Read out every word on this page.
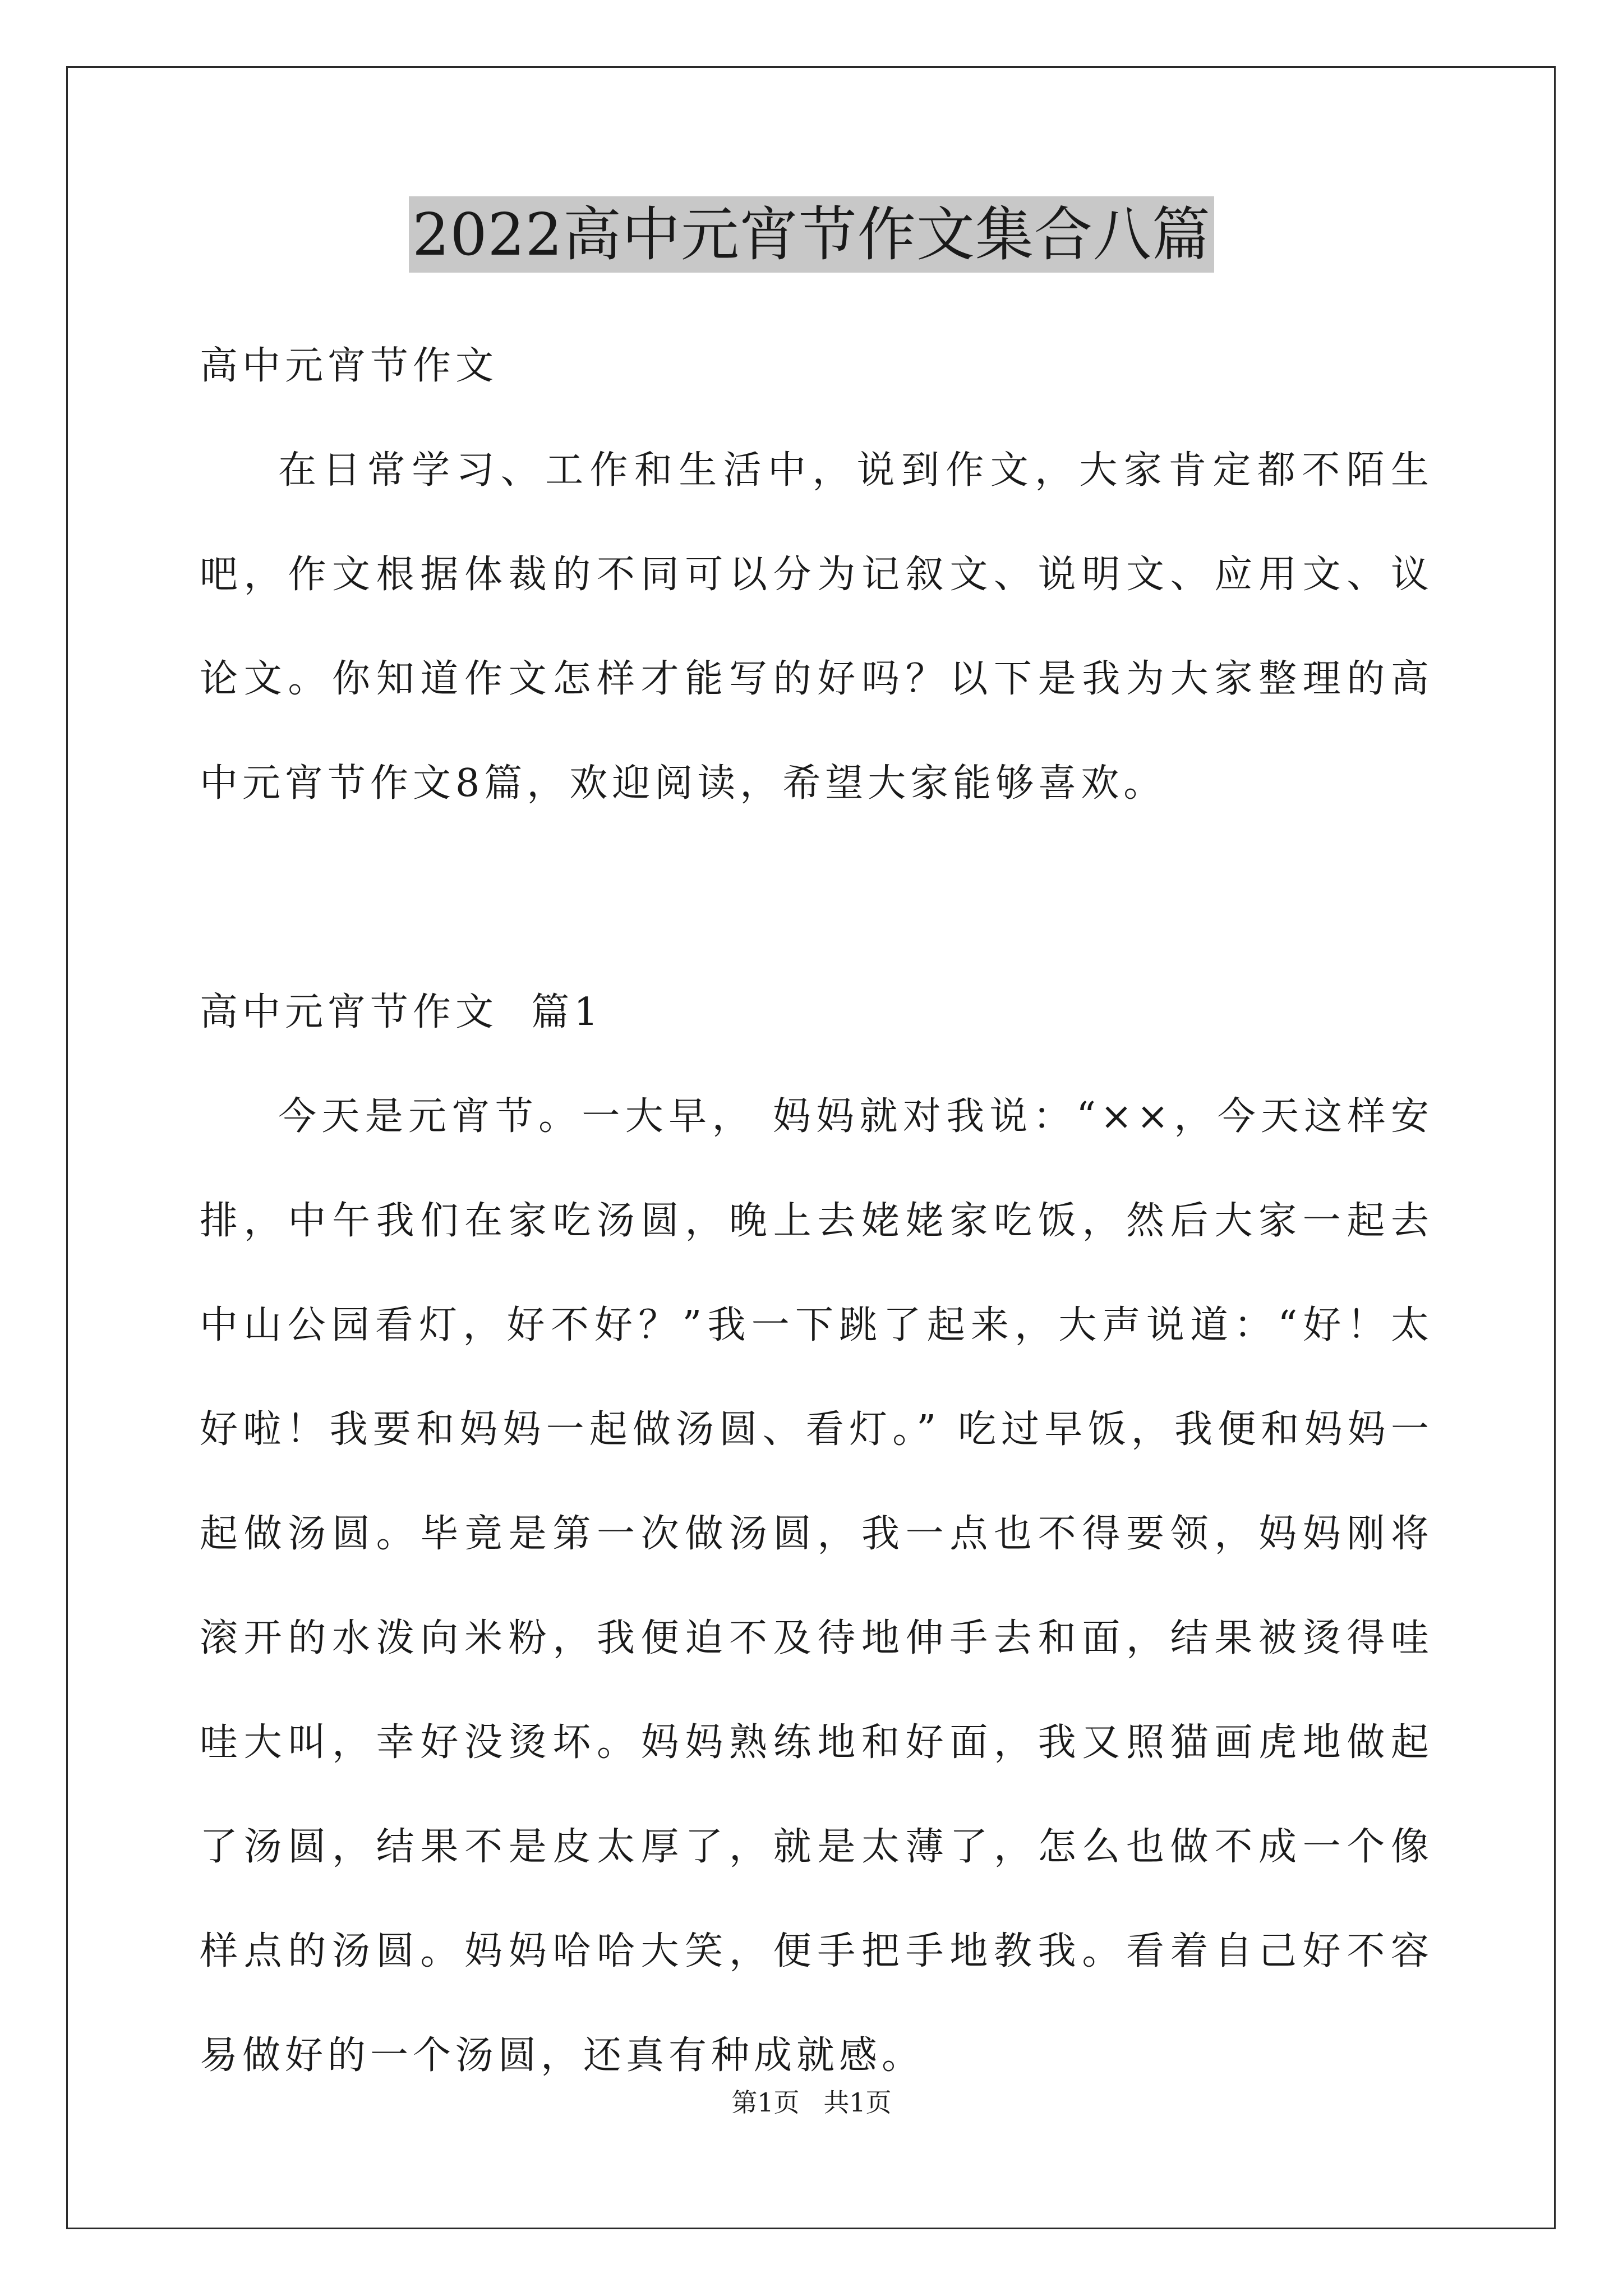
2022高中元宵节作文集合八篇
高中元宵节作文
在日常学习、工作和生活中，说到作文，大家肯定都不陌生吧，作文根据体裁的不同可以分为记叙文、说明文、应用文、议论文。你知道作文怎样才能写的好吗？以下是我为大家整理的高中元宵节作文8篇，欢迎阅读，希望大家能够喜欢。
高中元宵节作文  篇1
今天是元宵节。一大早， 妈妈就对我说：“××，今天这样安排，中午我们在家吃汤圆，晚上去姥姥家吃饭，然后大家一起去中山公园看灯，好不好？”我一下跳了起来，大声说道：“好！太好啦！我要和妈妈一起做汤圆、看灯。” 吃过早饭，我便和妈妈一起做汤圆。毕竟是第一次做汤圆，我一点也不得要领，妈妈刚将滚开的水泼向米粉，我便迫不及待地伸手去和面，结果被烫得哇哇大叫，幸好没烫坏。妈妈熟练地和好面，我又照猫画虎地做起了汤圆，结果不是皮太厚了，就是太薄了，怎么也做不成一个像样点的汤圆。妈妈哈哈大笑，便手把手地教我。看着自己好不容易做好的一个汤圆，还真有种成就感。
第1页 共1页
